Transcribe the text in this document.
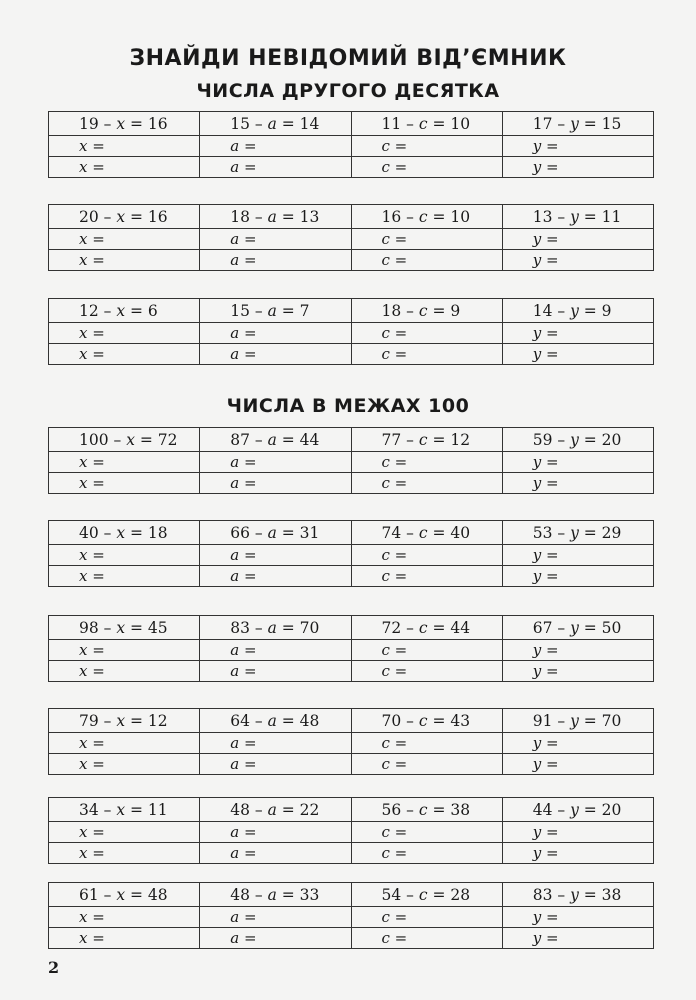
ЗНАЙДИ НЕВІДОМИЙ ВІД’ЄМНИК
ЧИСЛА ДРУГОГО ДЕСЯТКА
ЧИСЛА В МЕЖАХ 100
19 – x = 16	15 – a = 14	11 – c = 10	17 – y = 15
x =	a =	c =	y =
x =	a =	c =	y =
20 – x = 16	18 – a = 13	16 – c = 10	13 – y = 11
x =	a =	c =	y =
x =	a =	c =	y =
12 – x = 6	15 – a = 7	18 – c = 9	14 – y = 9
x =	a =	c =	y =
x =	a =	c =	y =
100 – x = 72	87 – a = 44	77 – c = 12	59 – y = 20
x =	a =	c =	y =
x =	a =	c =	y =
40 – x = 18	66 – a = 31	74 – c = 40	53 – y = 29
x =	a =	c =	y =
x =	a =	c =	y =
98 – x = 45	83 – a = 70	72 – c = 44	67 – y = 50
x =	a =	c =	y =
x =	a =	c =	y =
79 – x = 12	64 – a = 48	70 – c = 43	91 – y = 70
x =	a =	c =	y =
x =	a =	c =	y =
34 – x = 11	48 – a = 22	56 – c = 38	44 – y = 20
x =	a =	c =	y =
x =	a =	c =	y =
61 – x = 48	48 – a = 33	54 – c = 28	83 – y = 38
x =	a =	c =	y =
x =	a =	c =	y =
2
